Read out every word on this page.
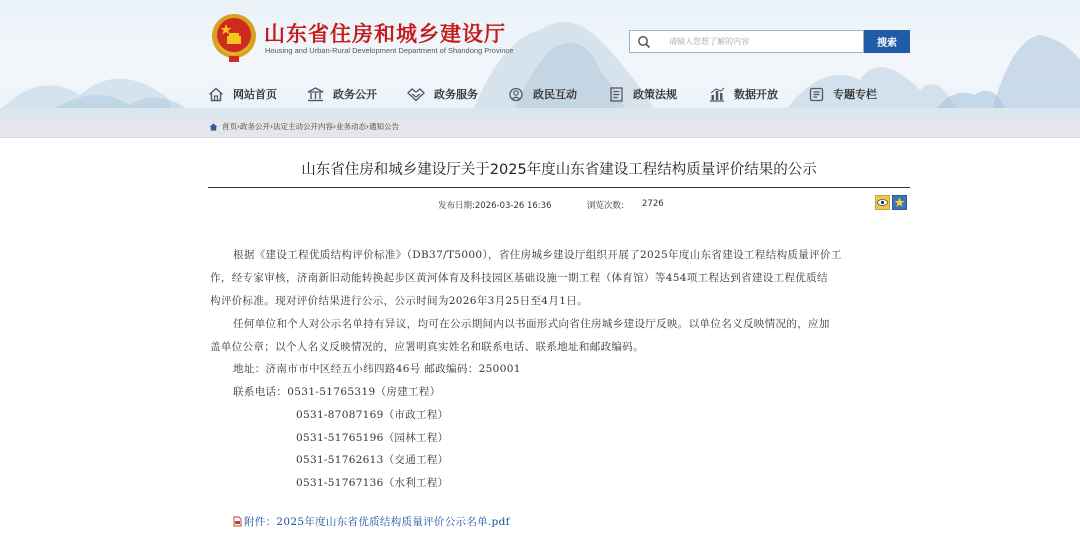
山东省住房和城乡建设厅
Housing and Urban-Rural Development Department of Shandong Province
请输入您想了解的内容
搜索
网站首页	政务公开	政务服务	政民互动	政策法规	数据开放	专题专栏
首页›政务公开›法定主动公开内容›业务动态›通知公告
山东省住房和城乡建设厅关于2025年度山东省建设工程结构质量评价结果的公示
发布日期:2026-03-26 16:36	浏览次数: 2726
根据《建设工程优质结构评价标准》（DB37/T5000），省住房城乡建设厅组织开展了2025年度山东省建设工程结构质量评价工
作，经专家审核，济南新旧动能转换起步区黄河体育及科技园区基础设施一期工程（体育馆）等454项工程达到省建设工程优质结
构评价标准。现对评价结果进行公示，公示时间为2026年3月25日至4月1日。
任何单位和个人对公示名单持有异议，均可在公示期间内以书面形式向省住房城乡建设厅反映。以单位名义反映情况的，应加
盖单位公章；以个人名义反映情况的，应署明真实姓名和联系电话、联系地址和邮政编码。
地址：济南市市中区经五小纬四路46号 邮政编码：250001
联系电话：0531-51765319（房建工程）
0531-87087169（市政工程）
0531-51765196（园林工程）
0531-51762613（交通工程）
0531-51767136（水利工程）
附件：2025年度山东省优质结构质量评价公示名单.pdf
